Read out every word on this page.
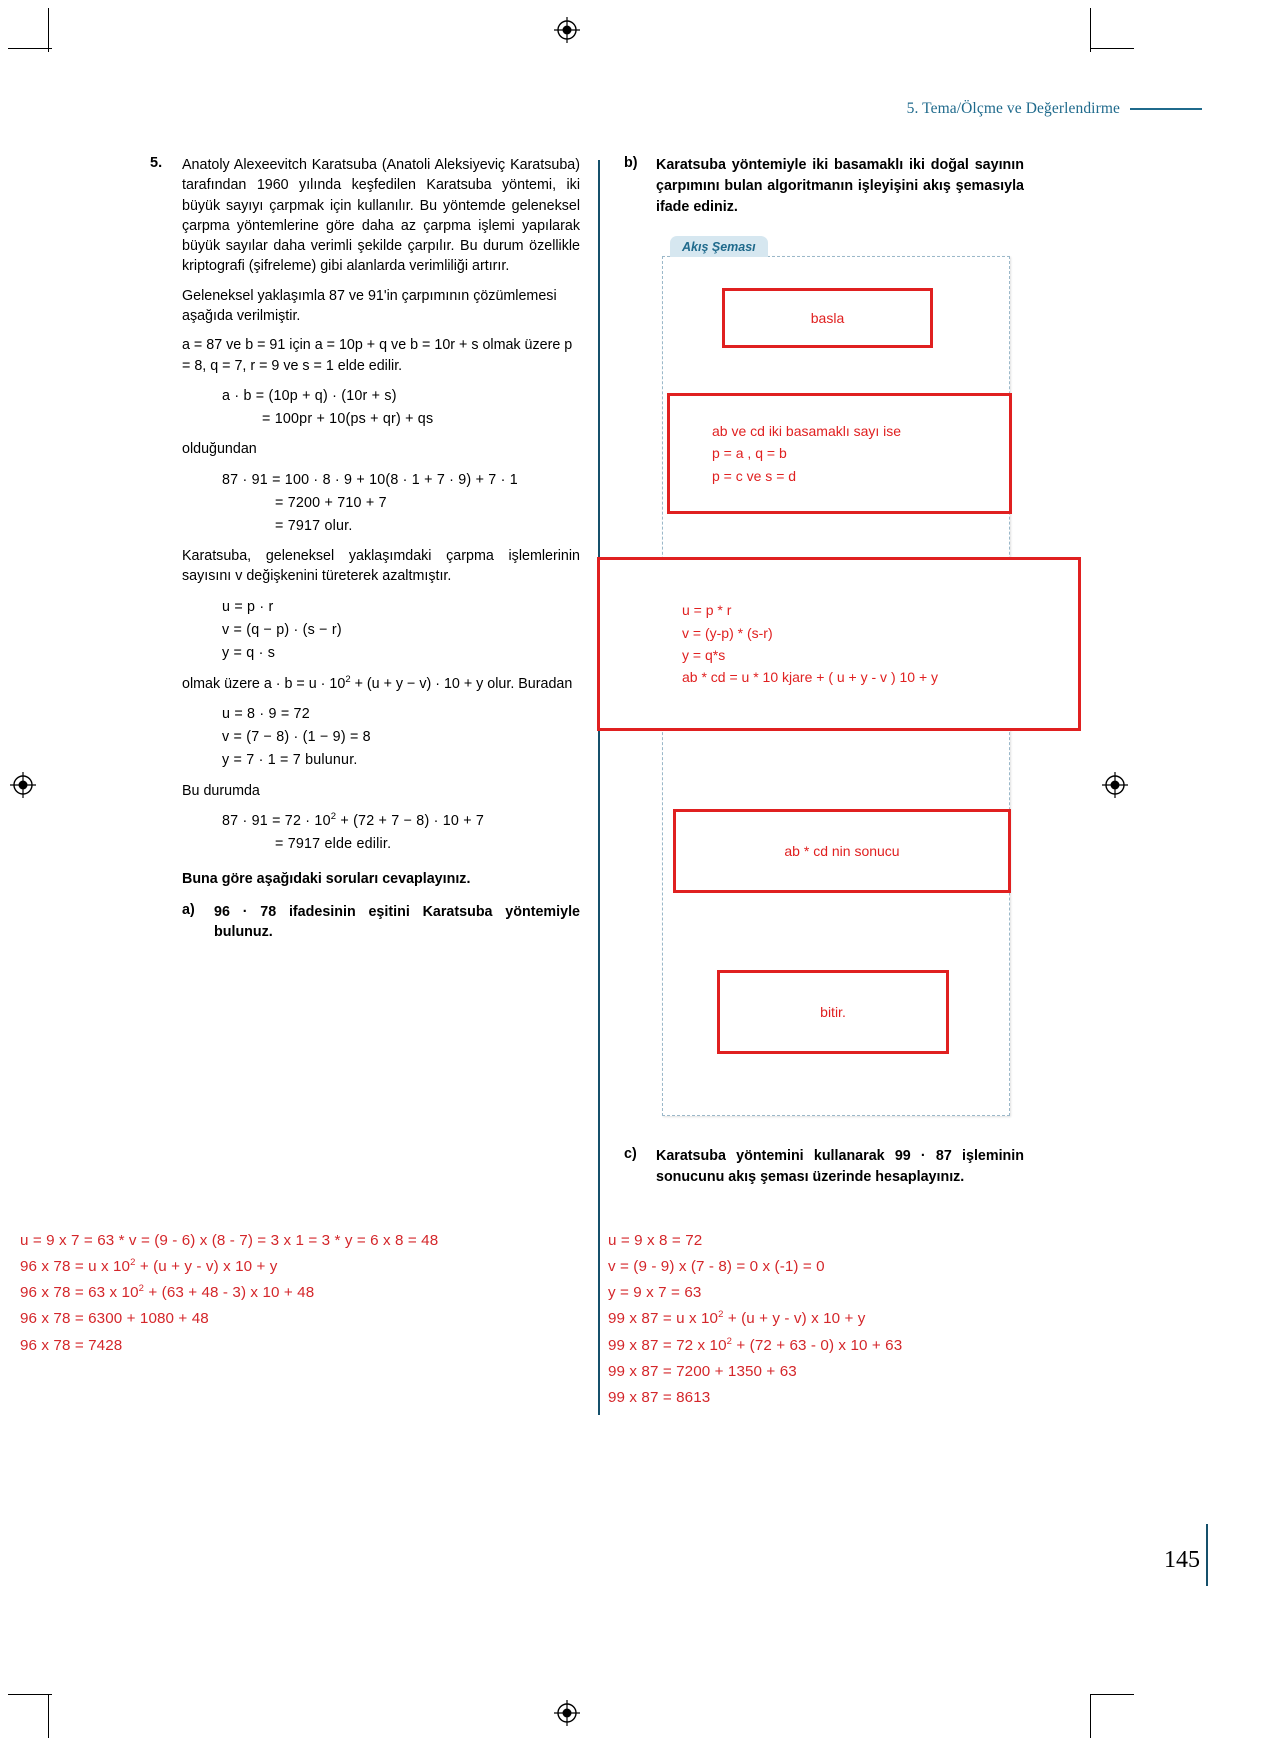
5. Tema/Ölçme ve Değerlendirme
5.	Anatoly Alexeevitch Karatsuba (Anatoli Aleksiyeviç Karatsuba) tarafından 1960 yılında keşfedilen Karatsuba yöntemi, iki büyük sayıyı çarpmak için kullanılır. Bu yöntemde geleneksel çarpma yöntemlerine göre daha az çarpma işlemi yapılarak büyük sayılar daha verimli şekilde çarpılır. Bu durum özellikle kriptografi (şifreleme) gibi alanlarda verimliliği artırır.

Geleneksel yaklaşımla 87 ve 91'in çarpımının çözümlemesi aşağıda verilmiştir.

a = 87 ve b = 91 için a = 10p + q ve b = 10r + s olmak üzere p = 8, q = 7, r = 9 ve s = 1 elde edilir.

a · b = (10p + q) · (10r + s)
= 100pr + 10(ps + qr) + qs

olduğundan

87 · 91 = 100 · 8 · 9 + 10(8 · 1 + 7 · 9) + 7 · 1
= 7200 + 710 + 7
= 7917 olur.

Karatsuba, geleneksel yaklaşımdaki çarpma işlemlerinin sayısını v değişkenini türeterek azaltmıştır.

u = p · r
v = (q − p) · (s − r)
y = q · s

olmak üzere $a \cdot b = u \cdot 10^2 + (u + y - v) \cdot 10 + y$ olur. Buradan

u = 8 · 9 = 72
v = (7 − 8) · (1 − 9) = 8
y = 7 · 1 = 7 bulunur.

Bu durumda

$87 \cdot 91 = 72 \cdot 10^2 + (72 + 7 - 8) \cdot 10 + 7$
= 7917 elde edilir.

Buna göre aşağıdaki soruları cevaplayınız.

a)	96 · 78 ifadesinin eşitini Karatsuba yöntemiyle bulunuz.
b)	Karatsuba yöntemiyle iki basamaklı iki doğal sayının çarpımını bulan algoritmanın işleyişini akış şemasıyla ifade ediniz.
Akış Şeması
basla
ab ve cd iki basamaklı sayı ise
p = a , q = b
p = c ve s = d
u = p * r
v = (y-p) * (s-r)
y = q*s
ab * cd = u * 10 kjare + ( u + y - v ) 10 + y
ab * cd nin sonucu
bitir.
c)	Karatsuba yöntemini kullanarak 99 · 87 işleminin sonucunu akış şeması üzerinde hesaplayınız.
u = 9 x 7 = 63 * v = (9 - 6) x (8 - 7) = 3 x 1 = 3 * y = 6 x 8 = 48
96 x 78 = u x $10^2 + (u + y - v)$ x 10 + y
96 x 78 = 63 x $10^2 + (63 + 48 - 3)$ x 10 + 48
96 x 78 = 6300 + 1080 + 48
96 x 78 = 7428
u = 9 x 8 = 72
v = (9 - 9) x (7 - 8) = 0 x (-1) = 0
y = 9 x 7 = 63
99 x 87 = u x $10^2 + (u + y - v)$ x 10 + y
99 x 87 = 72 x $10^2 + (72 + 63 - 0)$ x 10 + 63
99 x 87 = 7200 + 1350 + 63
99 x 87 = 8613
145
